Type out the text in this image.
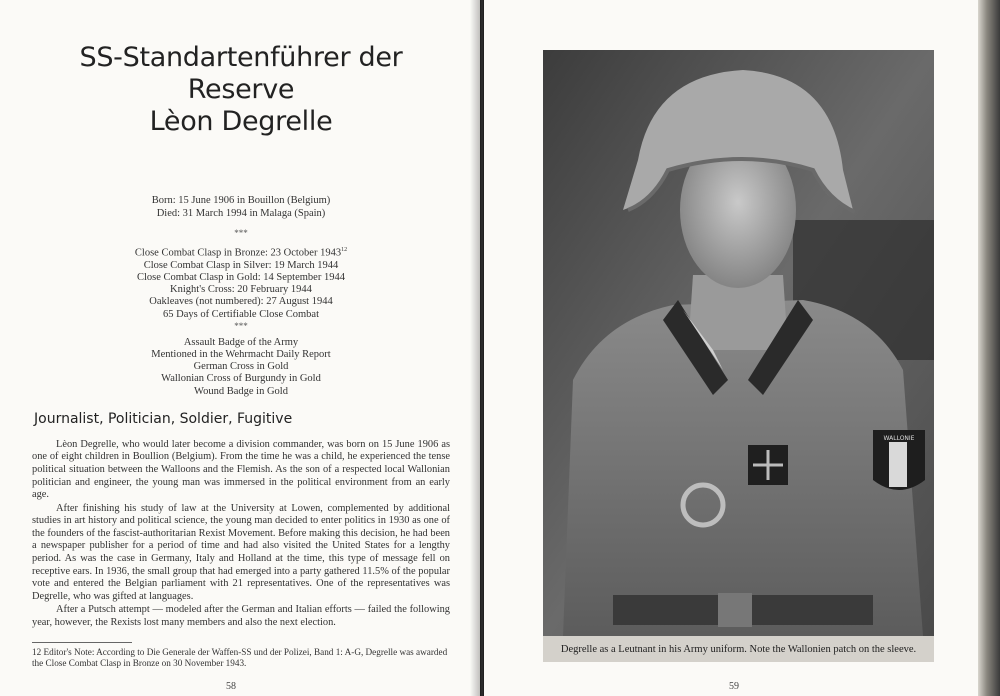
SS-Standartenführer der Reserve
Lèon Degrelle
Born: 15 June 1906 in Bouillon (Belgium)
Died: 31 March 1994 in Malaga (Spain)
***
Close Combat Clasp in Bronze: 23 October 1943$^{12}$
Close Combat Clasp in Silver: 19 March 1944
Close Combat Clasp in Gold: 14 September 1944
Knight's Cross: 20 February 1944
Oakleaves (not numbered): 27 August 1944
65 Days of Certifiable Close Combat
***
Assault Badge of the Army
Mentioned in the Wehrmacht Daily Report
German Cross in Gold
Wallonian Cross of Burgundy in Gold
Wound Badge in Gold
Journalist, Politician, Soldier, Fugitive

Lèon Degrelle, who would later become a division commander, was born on 15 June 1906 as one of eight children in Boullion (Belgium). From the time he was a child, he experienced the tense political situation between the Walloons and the Flemish. As the son of a respected local Wallonian politician and engineer, the young man was immersed in the political environment from an early age.

After finishing his study of law at the University at Lowen, complemented by additional studies in art history and political science, the young man decided to enter politics in 1930 as one of the founders of the fascist-authoritarian Rexist Movement. Before making this decision, he had been a newspaper publisher for a period of time and had also visited the United States for a lengthy period. As was the case in Germany, Italy and Holland at the time, this type of message fell on receptive ears. In 1936, the small group that had emerged into a party gathered 11.5% of the popular vote and entered the Belgian parliament with 21 representatives. One of the representatives was Degrelle, who was gifted at languages.

After a Putsch attempt — modeled after the German and Italian efforts — failed the following year, however, the Rexists lost many members and also the next election.

12 Editor's Note: According to Die Generale der Waffen-SS und der Polizei, Band 1: A-G, Degrelle was awarded the Close Combat Clasp in Bronze on 30 November 1943.
58
WALLONIE
Degrelle as a Leutnant in his Army uniform. Note the Wallonien patch on the sleeve.
59
